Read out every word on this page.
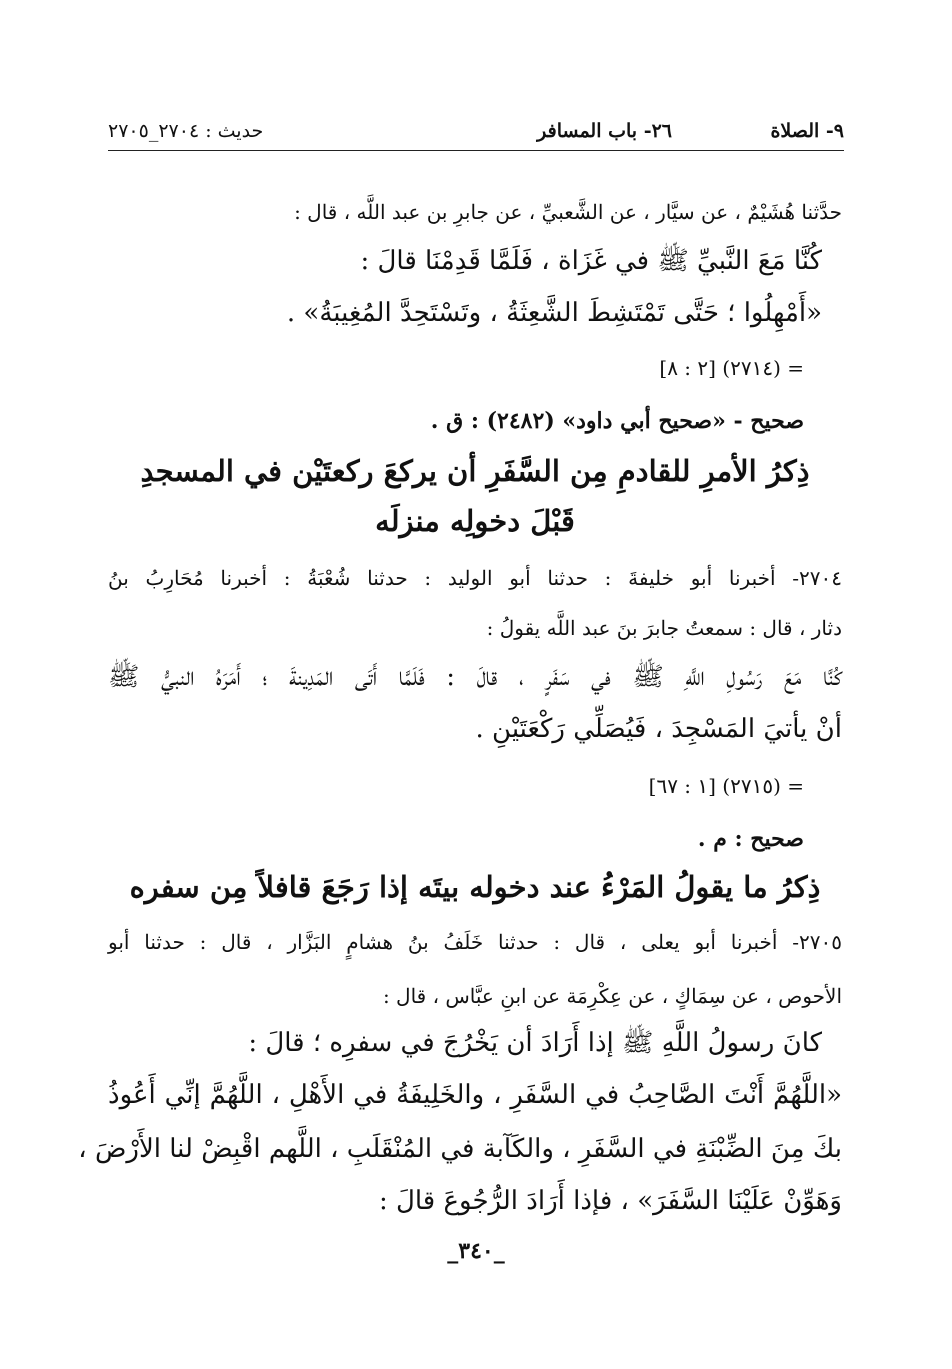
٩- الصلاة
٢٦- باب المسافر
حديث : ٢٧٠٤_٢٧٠٥
حدَّثنا هُشَيْمٌ ، عن سيَّار ، عن الشَّعبيِّ ، عن جابرِ بن عبد اللَّه ، قال :
كُنَّا مَعَ النَّبيِّ ﷺ في غَزَاة ، فَلَمَّا قَدِمْنَا قالَ :
«أَمْهِلُوا ؛ حَتَّى تَمْتَشِطَ الشَّعِثَةُ ، وتَسْتَحِدَّ المُغِيبَةُ» .
= (٢٧١٤) [٢ : ٨]
صحيح - «صحيح أبي داود» (٢٤٨٢) : ق .
ذِكرُ الأمرِ للقادمِ مِن السَّفَرِ أن يركعَ ركعتَيْن في المسجدِ
قَبْلَ دخولِه منزلَه
٢٧٠٤- أخبرنا أبو خليفةَ : حدثنا أبو الوليد : حدثنا شُعْبَةُ : أخبرنا مُحَارِبُ بنُ
دثار ، قال : سمعتُ جابرَ بنَ عبد اللَّه يقولُ :
كُنَّا مَعَ رَسُولِ اللَّهِ ﷺ في سَفَرٍ ، قالَ : فَلَمَّا أَتَى المَدِينةَ ؛ أَمَرَهُ النبيُّ ﷺ
أنْ يأتيَ المَسْجِدَ ، فَيُصَلِّي رَكْعَتَيْنِ .
= (٢٧١٥) [١ : ٦٧]
صحيح : م .
ذِكرُ ما يقولُ المَرْءُ عند دخوله بيتَه إذا رَجَعَ قافلاً مِن سفره
٢٧٠٥- أخبرنا أبو يعلى ، قال : حدثنا خَلَفُ بنُ هشامٍ البَزَّار ، قال : حدثنا أبو
الأحوص ، عن سِمَاكٍ ، عن عِكْرِمَة عن ابنِ عبَّاس ، قال :
كانَ رسولُ اللَّهِ ﷺ إذا أَرَادَ أن يَخْرُجَ في سفرِه ؛ قالَ :
«اللَّهُمَّ أَنْتَ الصَّاحِبُ في السَّفَرِ ، والخَلِيفَةُ في الأَهْلِ ، اللَّهُمَّ إنِّي أَعُوذُ
بكَ مِنَ الضِّبْنَةِ في السَّفَرِ ، والكَآبة في المُنْقَلَبِ ، اللَّهم اقْبِضْ لنا الأَرْضَ ،
وَهَوِّنْ عَلَيْنَا السَّفَرَ» ، فإذا أَرَادَ الرُّجُوعَ قالَ :
_٣٤٠_
